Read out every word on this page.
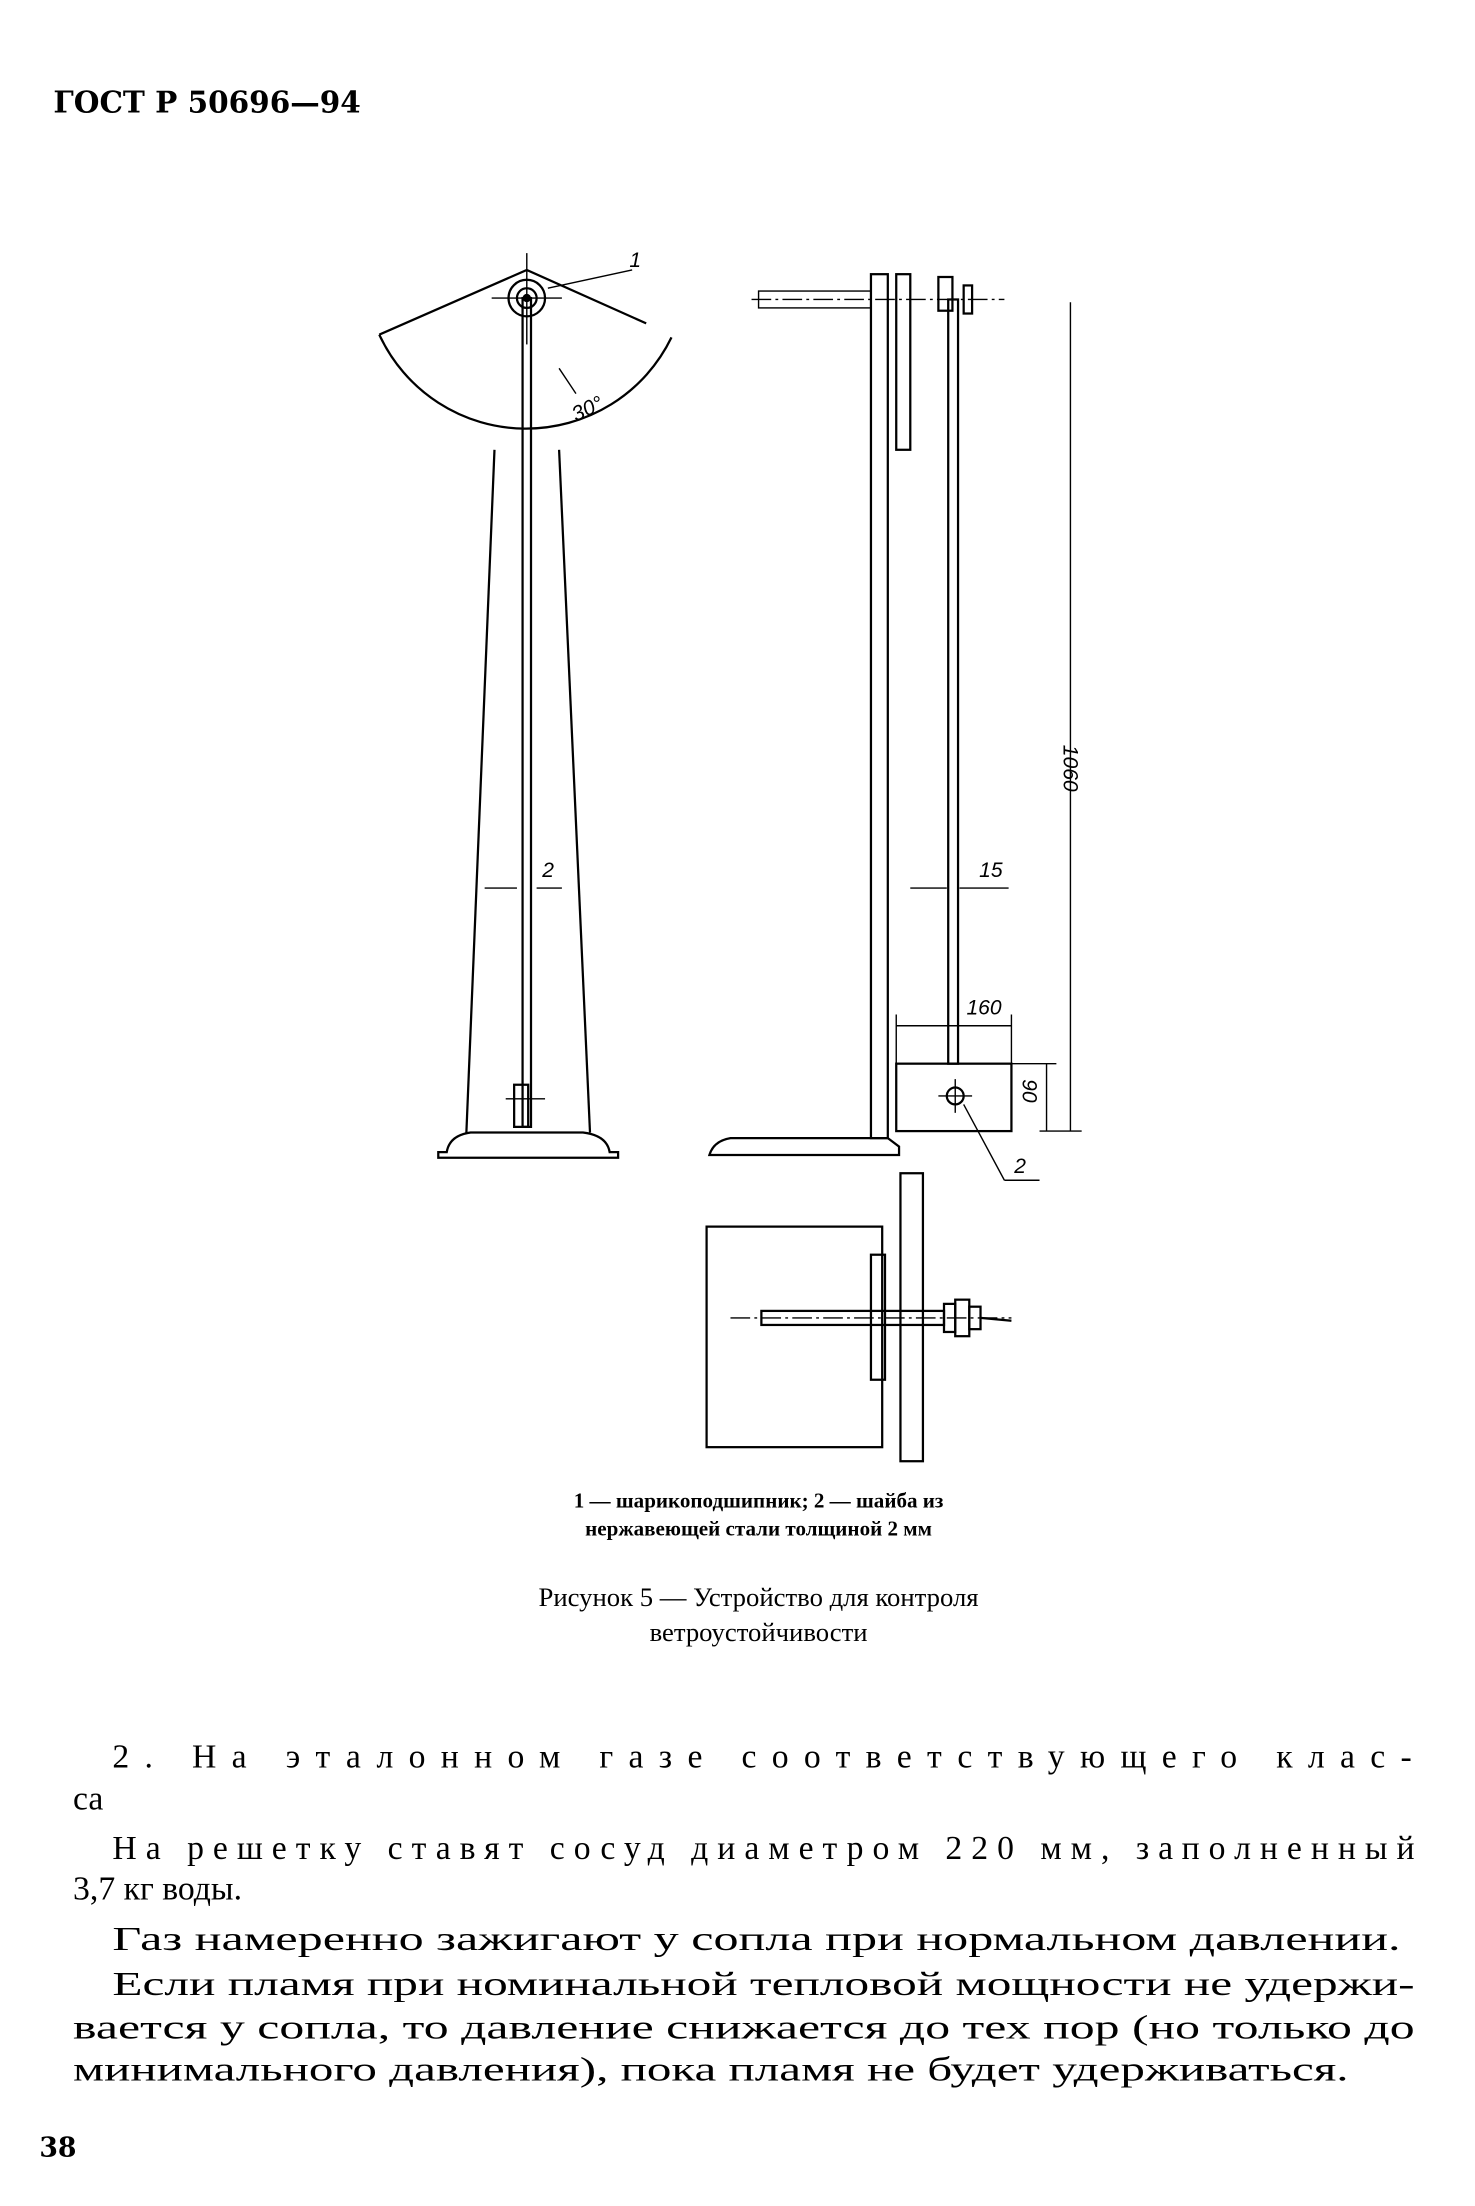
ГОСТ Р 50696—94
1
30°
2
1060
15
160
90
2
1 — шарикоподшипник; 2 — шайба из
нержавеющей стали толщиной 2 мм
Рисунок 5 — Устройство для контроля
ветроустойчивости
2. На эталонном газе соответствующего клас-
са
На решетку ставят сосуд диаметром 220 мм, заполненный
3,7 кг воды.
Газ намеренно зажигают у сопла при нормальном давлении.
Если пламя при номинальной тепловой мощности не удержи-
вается у сопла, то давление снижается до тех пор (но только до
минимального давления), пока пламя не будет удерживаться.
38
